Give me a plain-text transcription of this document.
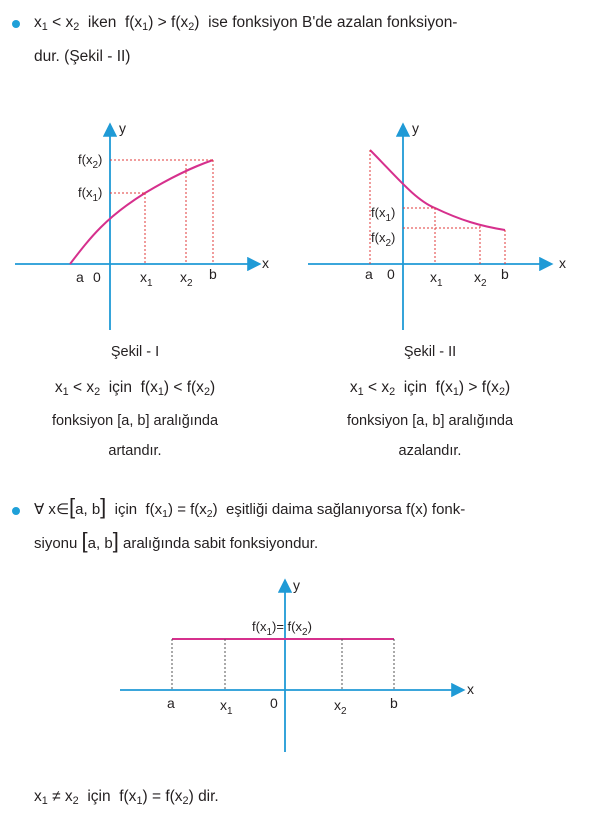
$x_1 < x_2$ iken $f(x_1) > f(x_2)$ ise fonksiyon B'de azalan fonksiyon-
dur. (Şekil - II)
y
x
$f(x_2)$
$f(x_1)$
a 0	$x_1$ $x_2$
b
y
x
$f(x_1)$
$f(x_2)$
a 0	$x_1$ $x_2$
b
y
x
$f(x_1)= f(x_2)$
a	$x_1$
0	$x_2$
b
Şekil - I
$x_1 < x_2$ için $f(x_1) < f(x_2)$
fonksiyon [a, b] aralığında
artandır.
Şekil - II
$x_1 < x_2$ için $f(x_1) > f(x_2)$
fonksiyon [a, b] aralığında
azalandır.
∀ x∈[a, b] için $f(x_1) = f(x_2)$ eşitliği daima sağlanıyorsa f(x) fonk-
siyonu [a, b] aralığında sabit fonksiyondur.
$x_1 \ne x_2$ için $f(x_1) = f(x_2)$ dir.
